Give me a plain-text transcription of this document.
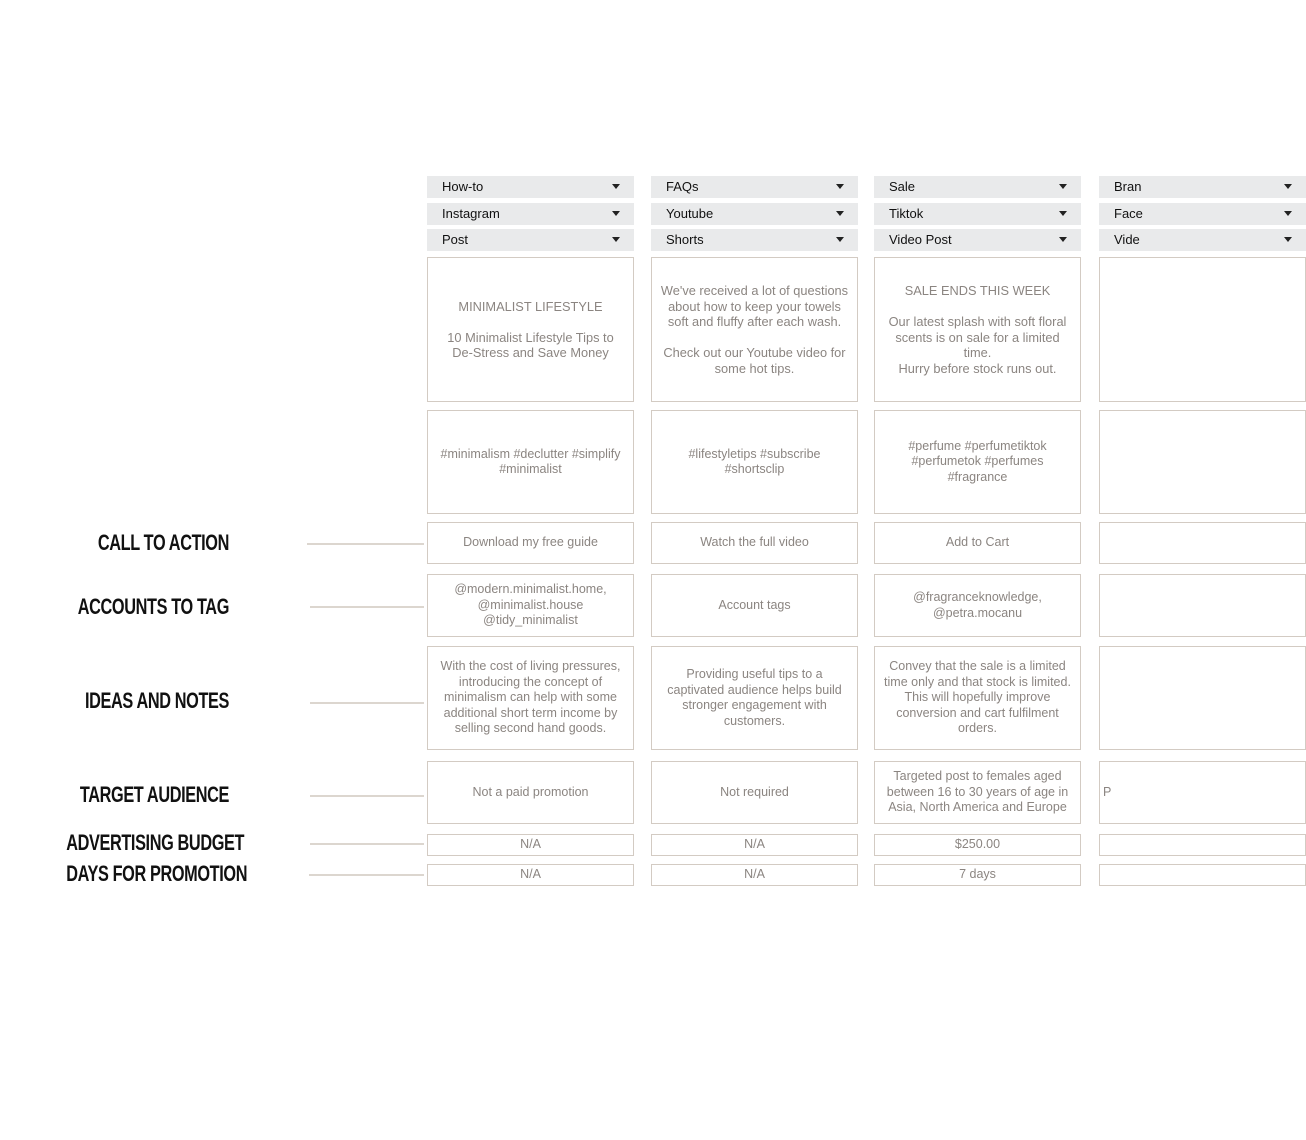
CALL TO ACTION
ACCOUNTS TO TAG
IDEAS AND NOTES
TARGET AUDIENCE
ADVERTISING BUDGET
DAYS FOR PROMOTION
How-to
Instagram
Post
MINIMALIST LIFESTYLE

10 Minimalist Lifestyle Tips to
De-Stress and Save Money
#minimalism #declutter #simplify
#minimalist
Download my free guide
@modern.minimalist.home,
@minimalist.house
@tidy_minimalist
With the cost of living pressures,
introducing the concept of
minimalism can help with some
additional short term income by
selling second hand goods.
Not a paid promotion
N/A
N/A
FAQs
Youtube
Shorts
We've received a lot of questions
about how to keep your towels
soft and fluffy after each wash.

Check out our Youtube video for
some hot tips.
#lifestyletips #subscribe
#shortsclip
Watch the full video
Account tags
Providing useful tips to a
captivated audience helps build
stronger engagement with
customers.
Not required
N/A
N/A
Sale
Tiktok
Video Post
SALE ENDS THIS WEEK

Our latest splash with soft floral
scents is on sale for a limited time.
Hurry before stock runs out.
#perfume #perfumetiktok
#perfumetok #perfumes
#fragrance
Add to Cart
@fragranceknowledge,
@petra.mocanu
Convey that the sale is a limited
time only and that stock is limited.
This will hopefully improve
conversion and cart fulfilment
orders.
Targeted post to females aged
between 16 to 30 years of age in
Asia, North America and Europe
$250.00
7 days
Bran
Face
Vide
P
